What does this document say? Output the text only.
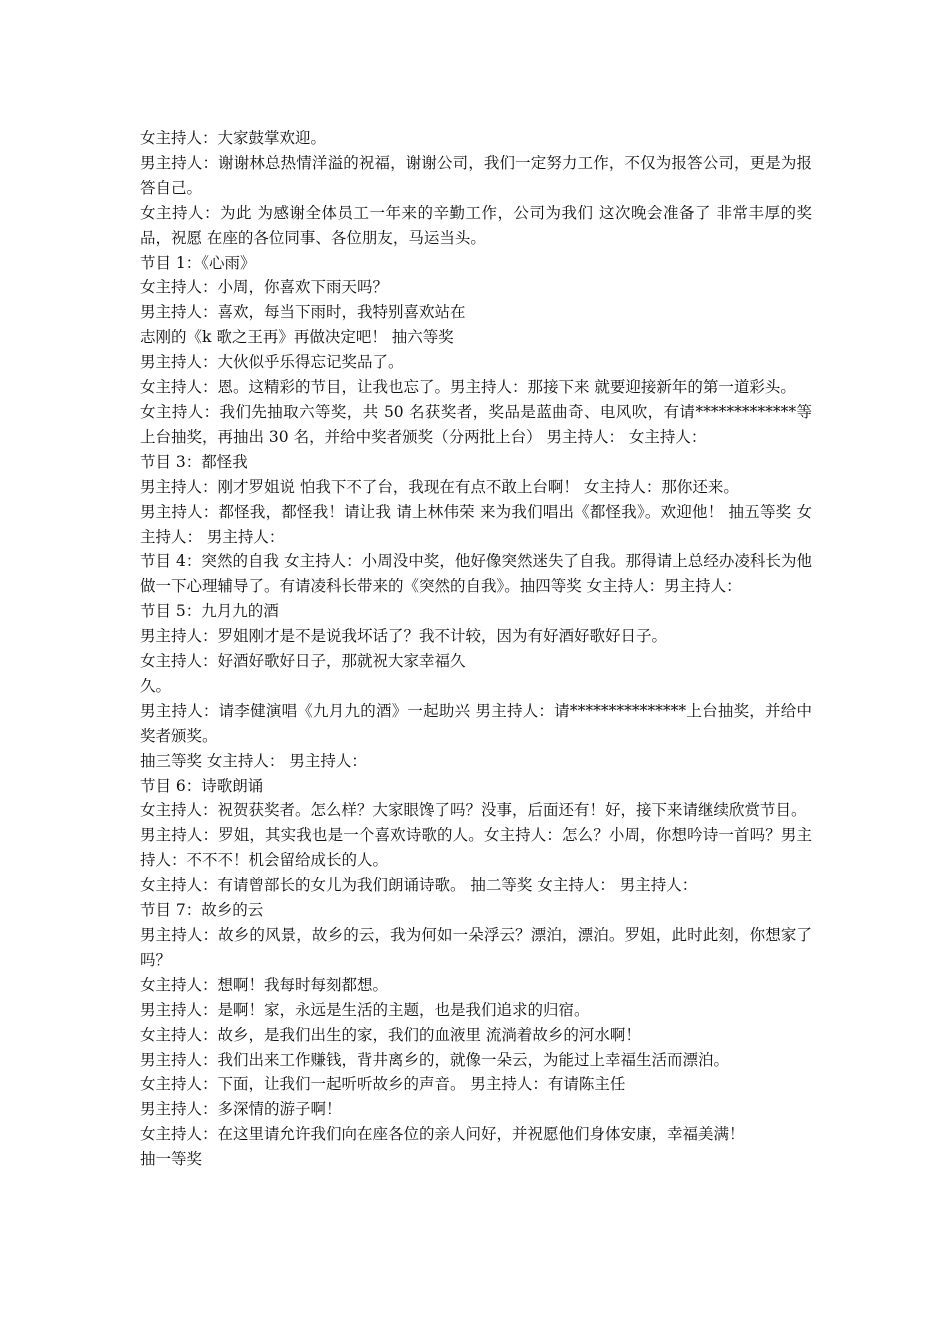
女主持人：大家鼓掌欢迎。

男主持人：谢谢林总热情洋溢的祝福，谢谢公司，我们一定努力工作，不仅为报答公司，更是为报答自己。

女主持人：为此 为感谢全体员工一年来的辛勤工作，公司为我们 这次晚会准备了 非常丰厚的奖品，祝愿 在座的各位同事、各位朋友，马运当头。

节目 1：《心雨》

女主持人：小周，你喜欢下雨天吗？

男主持人：喜欢，每当下雨时，我特别喜欢站在

志刚的《k 歌之王再》再做决定吧！ 抽六等奖

男主持人：大伙似乎乐得忘记奖品了。

女主持人：恩。这精彩的节目，让我也忘了。男主持人：那接下来 就要迎接新年的第一道彩头。

女主持人：我们先抽取六等奖，共 50 名获奖者，奖品是蓝曲奇、电风吹，有请*************等上台抽奖，再抽出 30 名，并给中奖者颁奖（分两批上台） 男主持人： 女主持人：

节目 3：都怪我

男主持人：刚才罗姐说 怕我下不了台，我现在有点不敢上台啊！ 女主持人：那你还来。

男主持人：都怪我，都怪我！请让我 请上林伟荣 来为我们唱出《都怪我》。欢迎他！ 抽五等奖 女主持人： 男主持人：

节目 4：突然的自我 女主持人：小周没中奖，他好像突然迷失了自我。那得请上总经办凌科长为他做一下心理辅导了。有请凌科长带来的《突然的自我》。抽四等奖 女主持人：男主持人：

节目 5：九月九的酒

男主持人：罗姐刚才是不是说我坏话了？我不计较，因为有好酒好歌好日子。

女主持人：好酒好歌好日子，那就祝大家幸福久

久。

男主持人：请李健演唱《九月九的酒》一起助兴 男主持人：请***************上台抽奖，并给中奖者颁奖。

抽三等奖 女主持人： 男主持人：

节目 6：诗歌朗诵

女主持人：祝贺获奖者。怎么样？大家眼馋了吗？没事，后面还有！好，接下来请继续欣赏节目。

男主持人：罗姐，其实我也是一个喜欢诗歌的人。女主持人：怎么？小周，你想吟诗一首吗？男主持人：不不不！机会留给成长的人。

女主持人：有请曾部长的女儿为我们朗诵诗歌。 抽二等奖 女主持人： 男主持人：

节目 7：故乡的云

男主持人：故乡的风景，故乡的云，我为何如一朵浮云？漂泊，漂泊。罗姐，此时此刻，你想家了吗？

女主持人：想啊！我每时每刻都想。

男主持人：是啊！家，永远是生活的主题，也是我们追求的归宿。

女主持人：故乡，是我们出生的家，我们的血液里 流淌着故乡的河水啊！

男主持人：我们出来工作赚钱，背井离乡的，就像一朵云，为能过上幸福生活而漂泊。

女主持人：下面，让我们一起听听故乡的声音。 男主持人：有请陈主任

男主持人：多深情的游子啊！

女主持人：在这里请允许我们向在座各位的亲人问好，并祝愿他们身体安康，幸福美满！

抽一等奖
